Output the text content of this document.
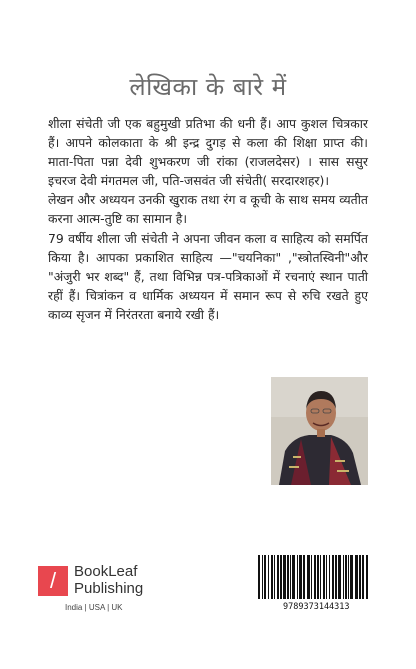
लेखिका के बारे में

शीला संचेती जी एक बहुमुखी प्रतिभा की धनी हैं। आप कुशल चित्रकार हैं। आपने कोलकाता के श्री इन्द्र दुगड़ से कला की शिक्षा प्राप्त की। माता-पिता पन्ना देवी शुभकरण जी रांका (राजलदेसर) । सास ससुर इचरज देवी मंगतमल जी, पति-जसवंत जी संचेती( सरदारशहर)।

लेखन और अध्ययन उनकी खुराक तथा रंग व कूची के साथ समय व्यतीत करना आत्म-तुष्टि का सामान है।

79 वर्षीय शीला जी संचेती ने अपना जीवन कला व साहित्य को समर्पित किया है। आपका प्रकाशित साहित्य —"चयनिका" ,"स्त्रोतस्विनी"और "अंजुरी भर शब्द" हैं, तथा विभिन्न पत्र-पत्रिकाओं में रचनाएं स्थान पाती रहीं हैं। चित्रांकन व धार्मिक अध्ययन में समान रूप से रुचि रखते हुए काव्य सृजन में निरंतरता बनाये रखी हैं।

/	BookLeaf
Publishing
India | USA | UK	9789373144313
